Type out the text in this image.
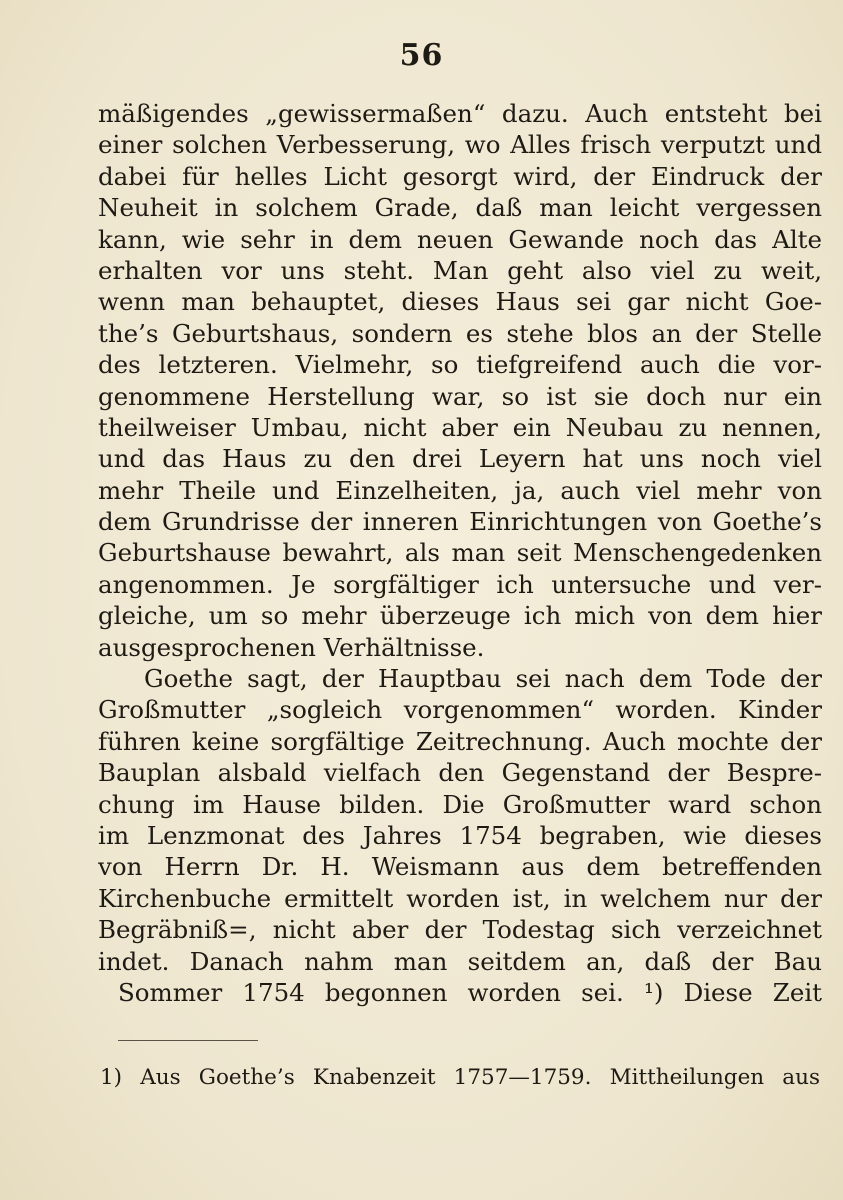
56
mäßigendes „gewissermaßen“ dazu. Auch entsteht bei
einer solchen Verbesserung, wo Alles frisch verputzt und
dabei für helles Licht gesorgt wird, der Eindruck der
Neuheit in solchem Grade, daß man leicht vergessen
kann, wie sehr in dem neuen Gewande noch das Alte
erhalten vor uns steht. Man geht also viel zu weit,
wenn man behauptet, dieses Haus sei gar nicht Goe-
the’s Geburtshaus, sondern es stehe blos an der Stelle
des letzteren. Vielmehr, so tiefgreifend auch die vor-
genommene Herstellung war, so ist sie doch nur ein
theilweiser Umbau, nicht aber ein Neubau zu nennen,
und das Haus zu den drei Leyern hat uns noch viel
mehr Theile und Einzelheiten, ja, auch viel mehr von
dem Grundrisse der inneren Einrichtungen von Goethe’s
Geburtshause bewahrt, als man seit Menschengedenken
angenommen. Je sorgfältiger ich untersuche und ver-
gleiche, um so mehr überzeuge ich mich von dem hier
ausgesprochenen Verhältnisse.
Goethe sagt, der Hauptbau sei nach dem Tode der
Großmutter „sogleich vorgenommen“ worden. Kinder
führen keine sorgfältige Zeitrechnung. Auch mochte der
Bauplan alsbald vielfach den Gegenstand der Bespre-
chung im Hause bilden. Die Großmutter ward schon
im Lenzmonat des Jahres 1754 begraben, wie dieses
von Herrn Dr. H. Weismann aus dem betreffenden
Kirchenbuche ermittelt worden ist, in welchem nur der
Begräbniß=, nicht aber der Todestag sich verzeichnet
indet. Danach nahm man seitdem an, daß der Bau
Sommer 1754 begonnen worden sei. ¹) Diese Zeit
1) Aus Goethe’s Knabenzeit 1757—1759. Mittheilungen aus
